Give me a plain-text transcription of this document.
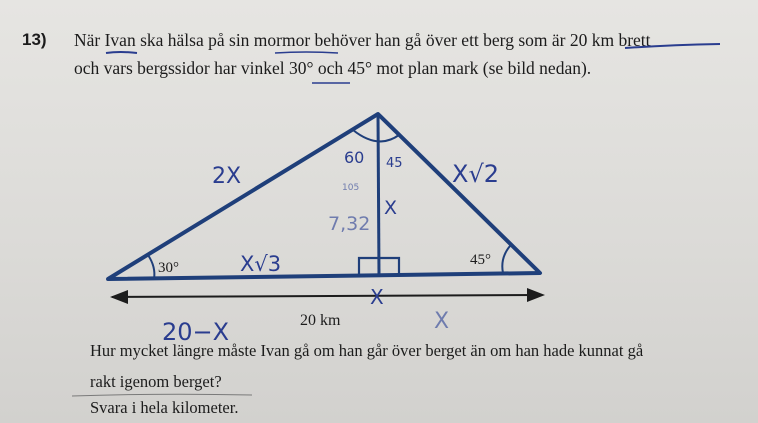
13) När Ivan ska hälsa på sin mormor behöver han gå över ett berg som är 20 km brett
och vars bergssidor har vinkel 30° och 45° mot plan mark (se bild nedan).
30°	45°
20 km
2X	X√2
X√3
X
7,32
60 45
105
20−X	X
X
Hur mycket längre måste Ivan gå om han går över berget än om han hade kunnat gå
rakt igenom berget?
Svara i hela kilometer.
